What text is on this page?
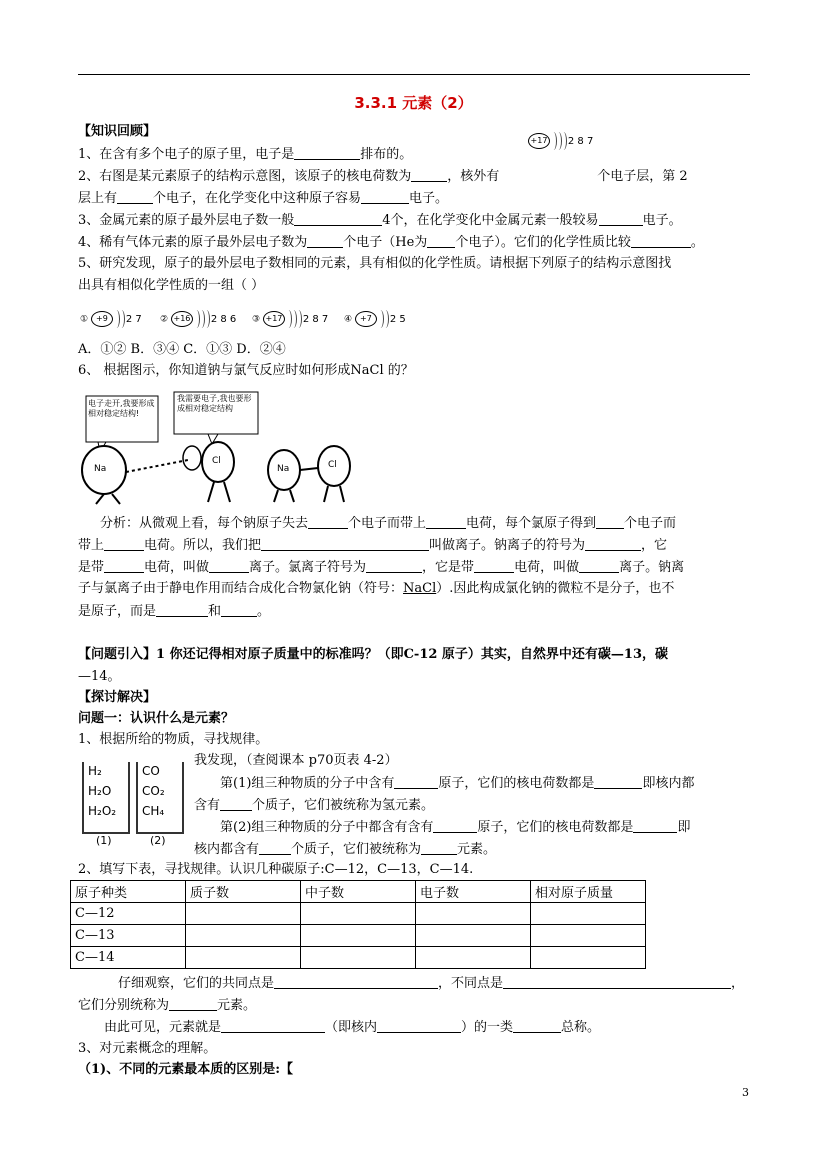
3.3.1 元素（2）
【知识回顾】
1、在含有多个电子的原子里，电子是	排布的。
+17 2 8 7
2、右图是某元素原子的结构示意图，该原子的核电荷数为	，核外有	个电子层，第 2
层上有	个电子，在化学变化中这种原子容易	电子。
3、金属元素的原子最外层电子数一般	4个，在化学变化中金属元素一般较易	电子。
4、稀有气体元素的原子最外层电子数为	个电子（He为 个电子）。它们的化学性质比较	。
5、研究发现，原子的最外层电子数相同的元素，具有相似的化学性质。请根据下列原子的结构示意图找
出具有相似化学性质的一组（ ）
① +9 2 7 ② +16 2 8 6 ③ +17 2 8 7 ④ +7 2 5
A．①② B．③④ C．①③ D．②④
6、 根据图示，你知道钠与氯气反应时如何形成NaCl 的？
电子走开,我要形成相对稳定结构!
我需要电子,我也要形成相对稳定结构
Na
Cl
Na	Cl
分析：从微观上看，每个钠原子失去	个电子而带上	电荷，每个氯原子得到 个电子而
带上	电荷。所以，我们把	叫做离子。钠离子的符号为	，它
是带	电荷，叫做	离子。氯离子符号为	，它是带	电荷，叫做	离子。钠离
子与氯离子由于静电作用而结合成化合物氯化钠（符号：NaCl）.因此构成氯化钠的微粒不是分子，也不
是原子，而是	和	。
【问题引入】1 你还记得相对原子质量中的标准吗？（即C-12 原子）其实，自然界中还有碳—13，碳
—14。
【探讨解决】
问题一：认识什么是元素？
1、根据所给的物质，寻找规律。
我发现，（查阅课本 p70页表 4-2）
H₂
H₂O
H₂O₂
CO
CO₂
CH₄
(1)	(2)
第(1)组三种物质的分子中含有	原子，它们的核电荷数都是	即核内都
含有 个质子，它们被统称为氢元素。
第(2)组三种物质的分子中都含有含有	原子，它们的核电荷数都是	即
核内都含有 个质子，它们被统称为	元素。
2、填写下表，寻找规律。认识几种碳原子:C—12，C—13，C—14.
原子种类	质子数	中子数	电子数	相对原子质量
C—12				
C—13				
C—14				
仔细观察，它们的共同点是	，不同点是	，
它们分别统称为	元素。
由此可见，元素就是	（即核内	）的一类	总称。
3、对元素概念的理解。
（1)、不同的元素最本质的区别是:【
3
